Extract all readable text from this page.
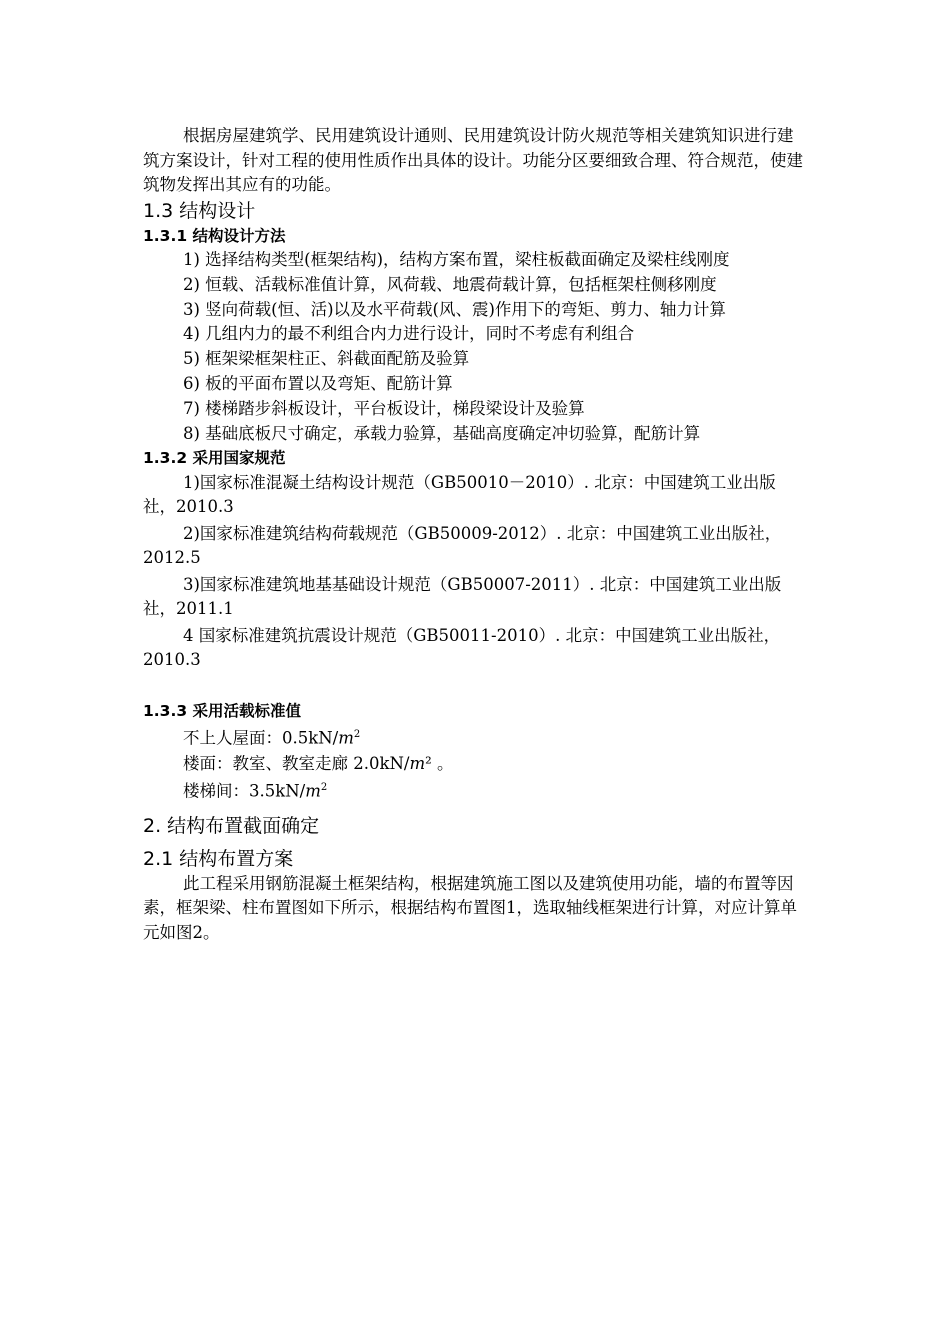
根据房屋建筑学、民用建筑设计通则、民用建筑设计防火规范等相关建筑知识进行建筑方案设计，针对工程的使用性质作出具体的设计。功能分区要细致合理、符合规范，使建筑物发挥出其应有的功能。

1.3 结构设计
1.3.1 结构设计方法
1) 选择结构类型(框架结构)，结构方案布置，梁柱板截面确定及梁柱线刚度
2) 恒载、活载标准值计算，风荷载、地震荷载计算，包括框架柱侧移刚度
3) 竖向荷载(恒、活)以及水平荷载(风、震)作用下的弯矩、剪力、轴力计算
4) 几组内力的最不利组合内力进行设计，同时不考虑有利组合
5) 框架梁框架柱正、斜截面配筋及验算
6) 板的平面布置以及弯矩、配筋计算
7) 楼梯踏步斜板设计，平台板设计，梯段梁设计及验算
8) 基础底板尺寸确定，承载力验算，基础高度确定冲切验算，配筋计算
1.3.2 采用国家规范

1)国家标准混凝土结构设计规范（GB50010－2010）. 北京：中国建筑工业出版社，2010.3

2)国家标准建筑结构荷载规范（GB50009-2012）. 北京：中国建筑工业出版社，2012.5

3)国家标准建筑地基基础设计规范（GB50007-2011）. 北京：中国建筑工业出版社，2011.1

4 国家标准建筑抗震设计规范（GB50011-2010）. 北京：中国建筑工业出版社，2010.3

1.3.3 采用活载标准值
不上人屋面：$0.5kN/m^2$
楼面：教室、教室走廊 2.0kN/m² 。
楼梯间：$3.5kN/m^2$
2. 结构布置截面确定
2.1 结构布置方案

此工程采用钢筋混凝土框架结构，根据建筑施工图以及建筑使用功能，墙的布置等因素，框架梁、柱布置图如下所示，根据结构布置图1，选取轴线框架进行计算，对应计算单元如图2。
